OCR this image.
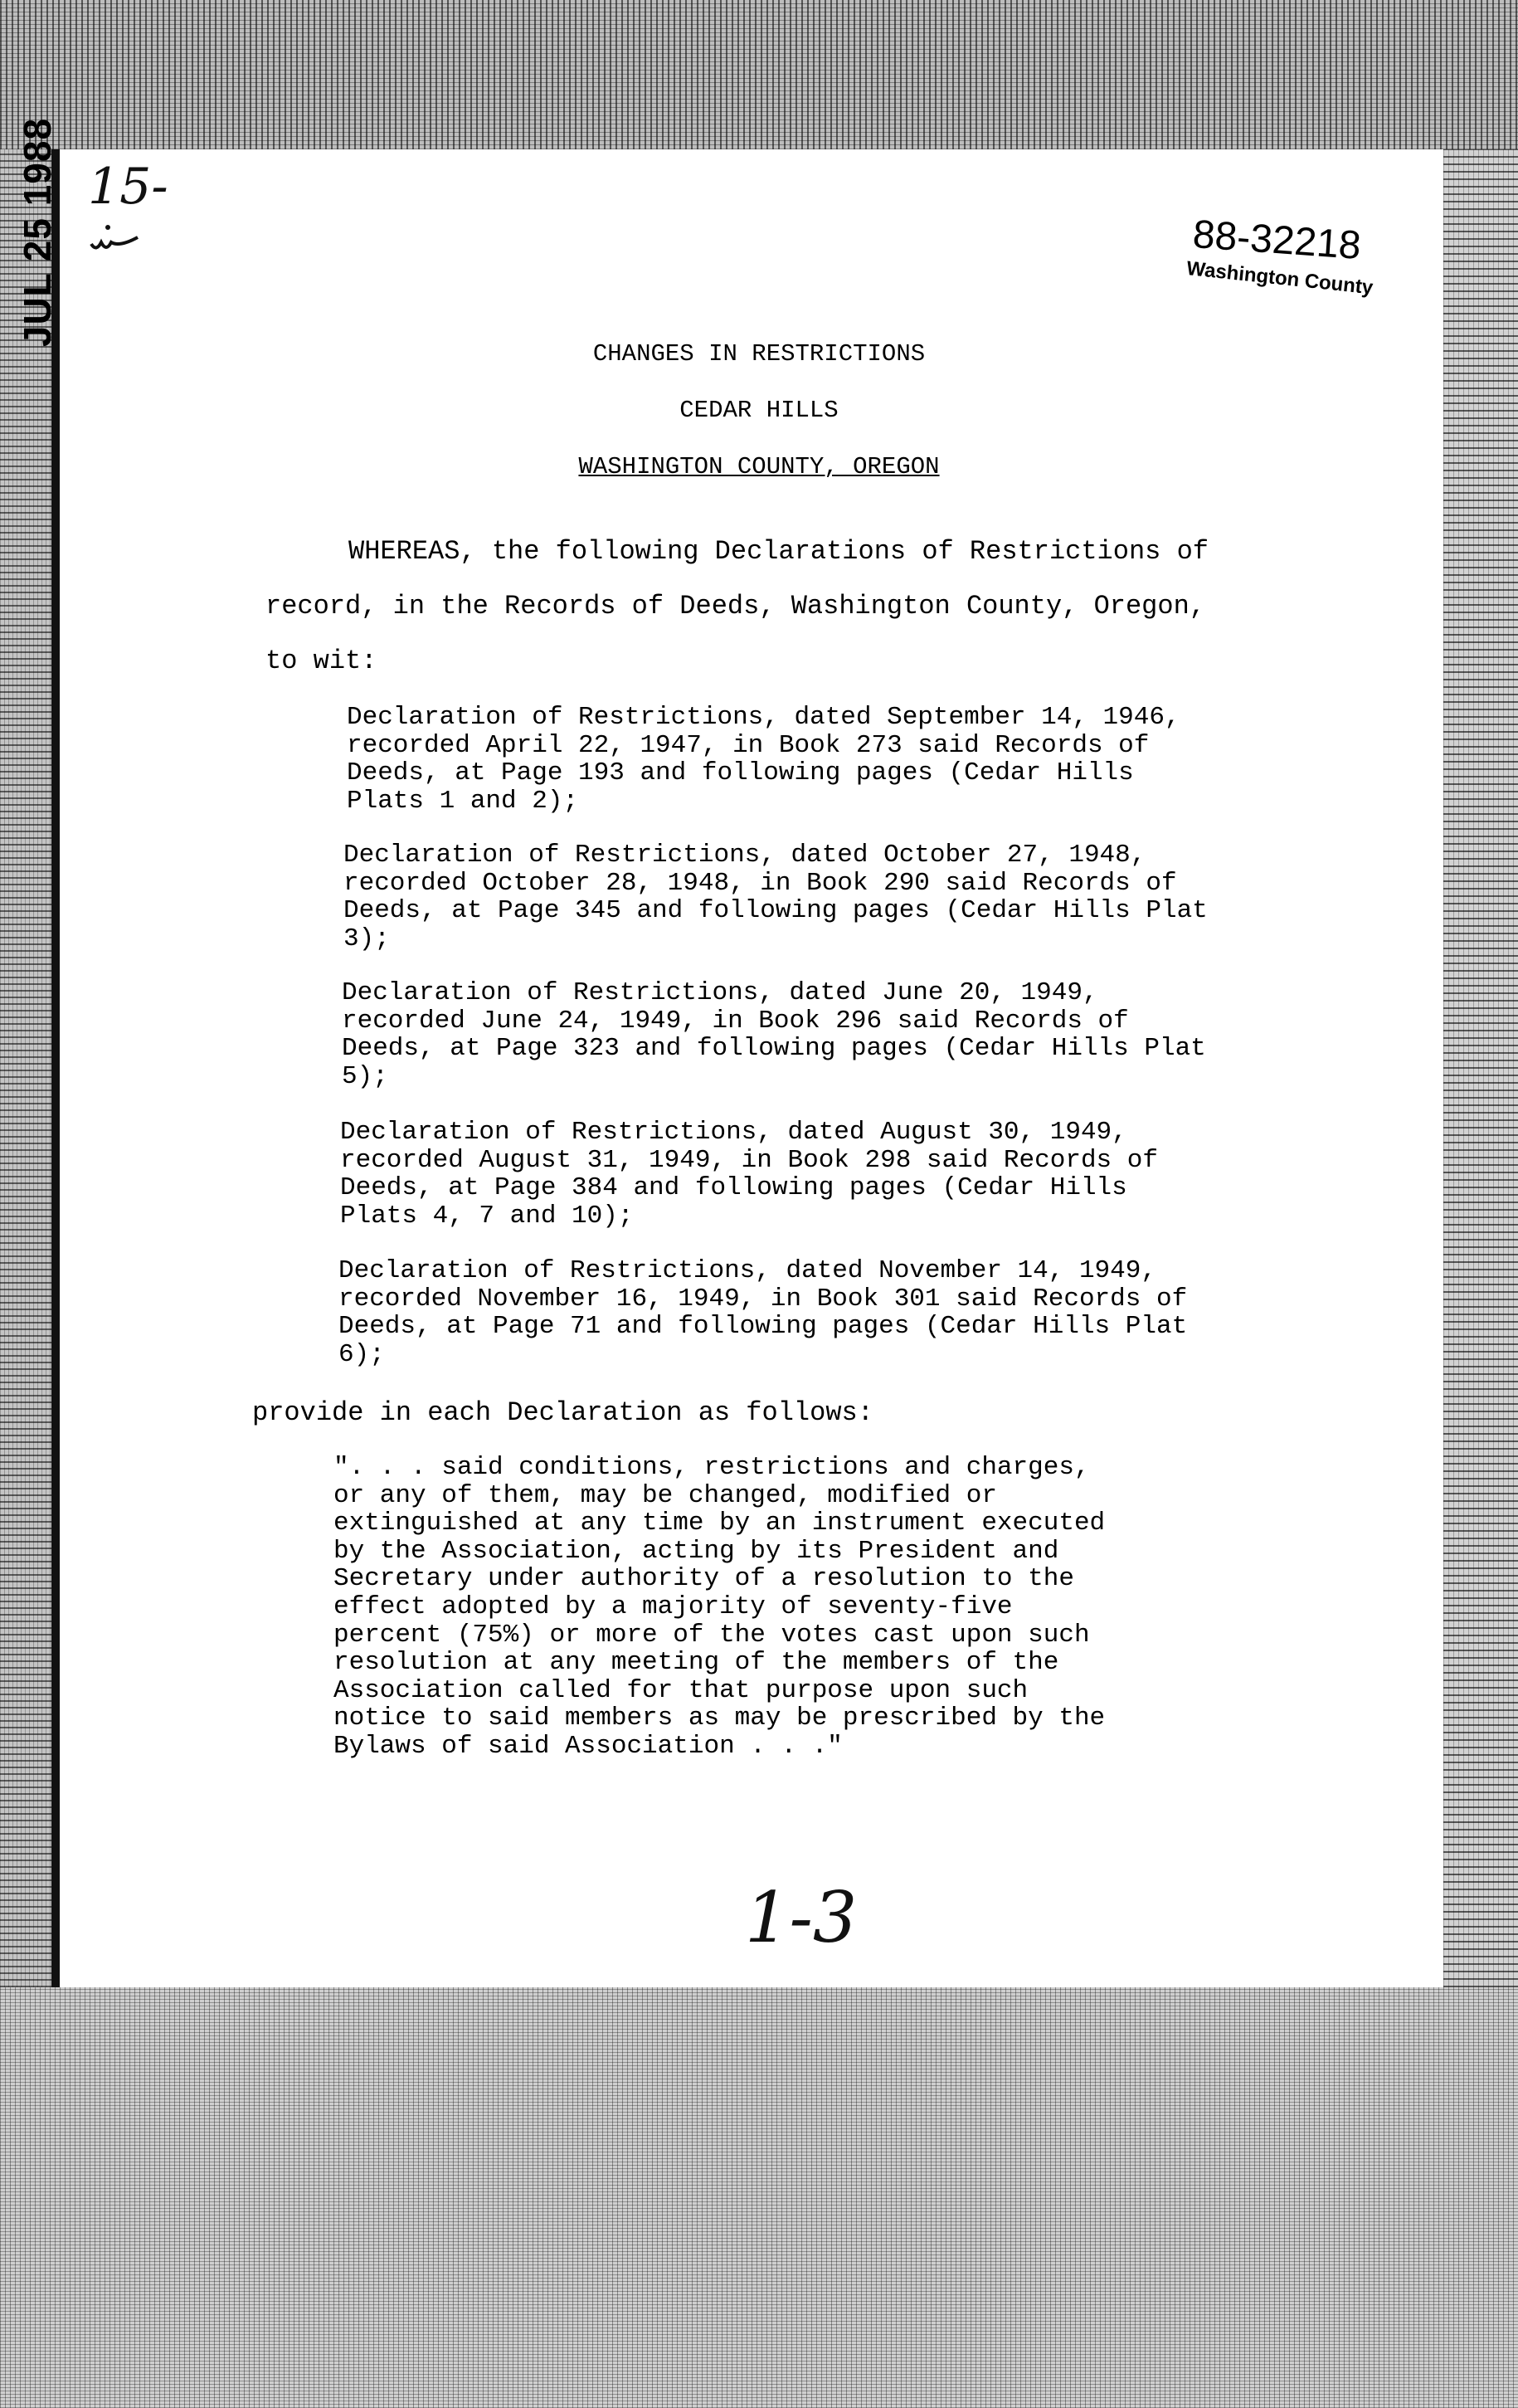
JUL 25 1988 15-
88-32218
Washington County
CHANGES IN RESTRICTIONS
CEDAR HILLS
WASHINGTON COUNTY, OREGON
WHEREAS, the following Declarations of Restrictions of
record, in the Records of Deeds, Washington County, Oregon,
to wit:
Declaration of Restrictions, dated September 14, 1946,
recorded April 22, 1947, in Book 273 said Records of
Deeds, at Page 193 and following pages (Cedar Hills
Plats 1 and 2);
Declaration of Restrictions, dated October 27, 1948,
recorded October 28, 1948, in Book 290 said Records of
Deeds, at Page 345 and following pages (Cedar Hills Plat
3);
Declaration of Restrictions, dated June 20, 1949,
recorded June 24, 1949, in Book 296 said Records of
Deeds, at Page 323 and following pages (Cedar Hills Plat
5);
Declaration of Restrictions, dated August 30, 1949,
recorded August 31, 1949, in Book 298 said Records of
Deeds, at Page 384 and following pages (Cedar Hills
Plats 4, 7 and 10);
Declaration of Restrictions, dated November 14, 1949,
recorded November 16, 1949, in Book 301 said Records of
Deeds, at Page 71 and following pages (Cedar Hills Plat
6);
provide in each Declaration as follows:
". . . said conditions, restrictions and charges,
or any of them, may be changed, modified or
extinguished at any time by an instrument executed
by the Association, acting by its President and
Secretary under authority of a resolution to the
effect adopted by a majority of seventy-five
percent (75%) or more of the votes cast upon such
resolution at any meeting of the members of the
Association called for that purpose upon such
notice to said members as may be prescribed by the
Bylaws of said Association . . ."
1-3
